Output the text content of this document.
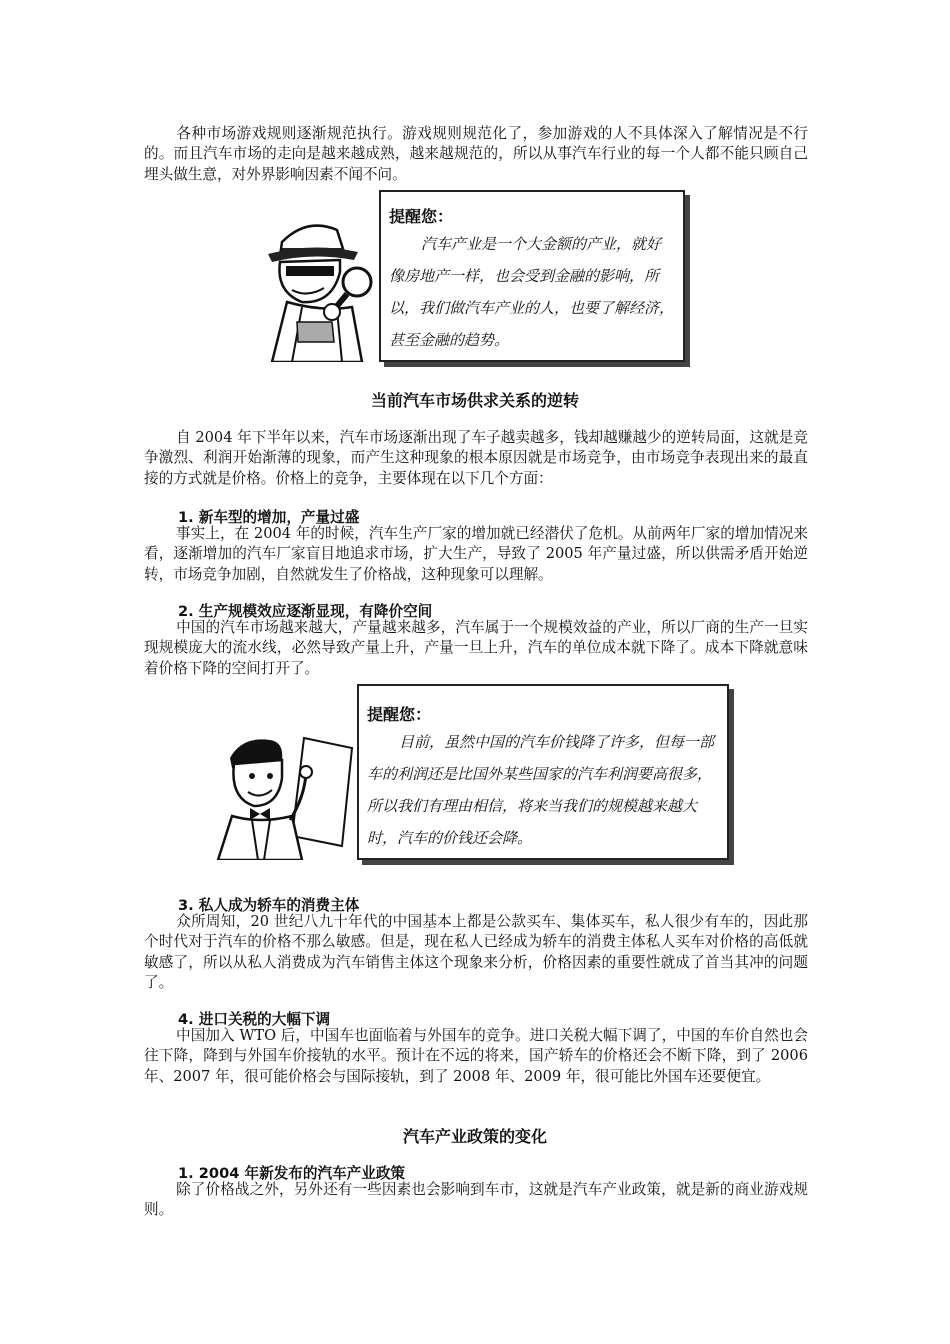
各种市场游戏规则逐渐规范执行。游戏规则规范化了，参加游戏的人不具体深入了解情况是不行的。而且汽车市场的走向是越来越成熟，越来越规范的，所以从事汽车行业的每一个人都不能只顾自己埋头做生意，对外界影响因素不闻不问。

提醒您：
汽车产业是一个大金额的产业，就好像房地产一样，也会受到金融的影响，所以，我们做汽车产业的人，也要了解经济，甚至金融的趋势。
当前汽车市场供求关系的逆转

自 2004 年下半年以来，汽车市场逐渐出现了车子越卖越多，钱却越赚越少的逆转局面，这就是竞争激烈、利润开始渐薄的现象，而产生这种现象的根本原因就是市场竞争，由市场竞争表现出来的最直接的方式就是价格。价格上的竞争，主要体现在以下几个方面：

1. 新车型的增加，产量过盛

事实上，在 2004 年的时候，汽车生产厂家的增加就已经潜伏了危机。从前两年厂家的增加情况来看，逐渐增加的汽车厂家盲目地追求市场，扩大生产，导致了 2005 年产量过盛，所以供需矛盾开始逆转，市场竞争加剧，自然就发生了价格战，这种现象可以理解。

2. 生产规模效应逐渐显现，有降价空间

中国的汽车市场越来越大，产量越来越多，汽车属于一个规模效益的产业，所以厂商的生产一旦实现规模庞大的流水线，必然导致产量上升，产量一旦上升，汽车的单位成本就下降了。成本下降就意味着价格下降的空间打开了。

提醒您：
目前，虽然中国的汽车价钱降了许多，但每一部车的利润还是比国外某些国家的汽车利润要高很多，所以我们有理由相信，将来当我们的规模越来越大时，汽车的价钱还会降。

3. 私人成为轿车的消费主体

众所周知，20 世纪八九十年代的中国基本上都是公款买车、集体买车，私人很少有车的，因此那个时代对于汽车的价格不那么敏感。但是，现在私人已经成为轿车的消费主体私人买车对价格的高低就敏感了，所以从私人消费成为汽车销售主体这个现象来分析，价格因素的重要性就成了首当其冲的问题了。

4. 进口关税的大幅下调

中国加入 WTO 后，中国车也面临着与外国车的竞争。进口关税大幅下调了，中国的车价自然也会往下降，降到与外国车价接轨的水平。预计在不远的将来，国产轿车的价格还会不断下降，到了 2006 年、2007 年，很可能价格会与国际接轨，到了 2008 年、2009 年，很可能比外国车还要便宜。

汽车产业政策的变化

1. 2004 年新发布的汽车产业政策

除了价格战之外，另外还有一些因素也会影响到车市，这就是汽车产业政策，就是新的商业游戏规则。
